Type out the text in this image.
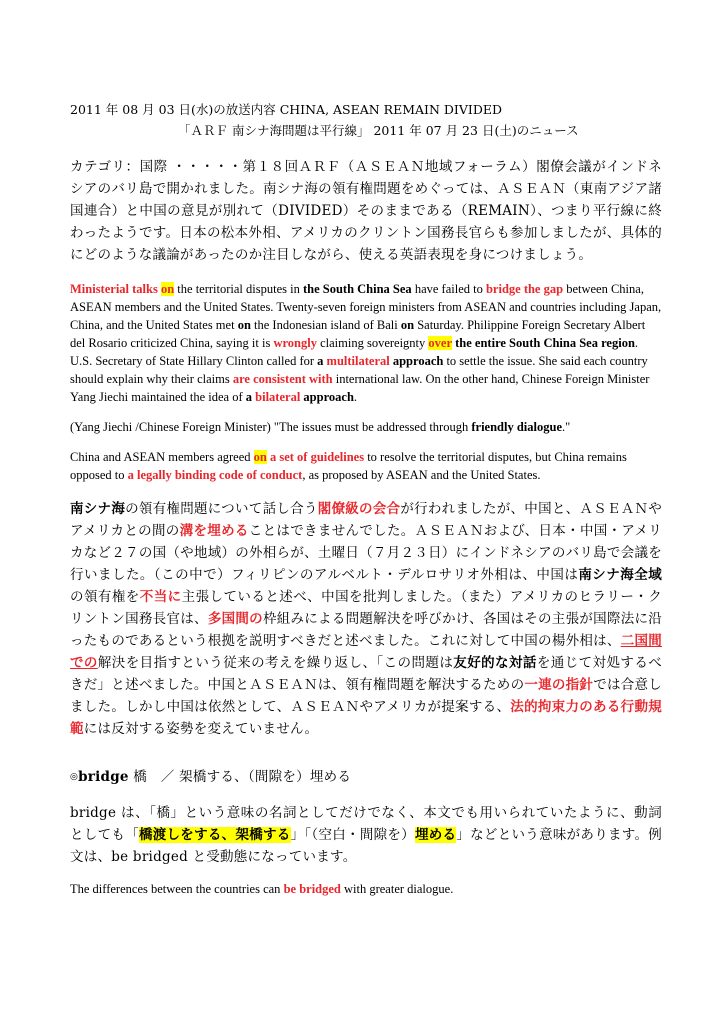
2011 年 08 月 03 日(水)の放送内容 CHINA, ASEAN REMAIN DIVIDED

「ＡＲＦ 南シナ海問題は平行線」 2011 年 07 月 23 日(土)のニュース

カテゴリ：国際 ・・・・・第１８回ＡＲＦ（ＡＳＥＡＮ地域フォーラム）閣僚会議がインドネシアのバリ島で開かれました。南シナ海の領有権問題をめぐっては、ＡＳＥＡＮ（東南アジア諸国連合）と中国の意見が別れて（DIVIDED）そのままである（REMAIN）、つまり平行線に終わったようです。日本の松本外相、アメリカのクリントン国務長官らも参加しましたが、具体的にどのような議論があったのか注目しながら、使える英語表現を身につけましょう。

Ministerial talks on the territorial disputes in the South China Sea have failed to bridge the gap between China, ASEAN members and the United States. Twenty-seven foreign ministers from ASEAN and countries including Japan, China, and the United States met on the Indonesian island of Bali on Saturday. Philippine Foreign Secretary Albert del Rosario criticized China, saying it is wrongly claiming sovereignty over the entire South China Sea region. U.S. Secretary of State Hillary Clinton called for a multilateral approach to settle the issue. She said each country should explain why their claims are consistent with international law. On the other hand, Chinese Foreign Minister Yang Jiechi maintained the idea of a bilateral approach.

(Yang Jiechi /Chinese Foreign Minister) "The issues must be addressed through friendly dialogue."

China and ASEAN members agreed on a set of guidelines to resolve the territorial disputes, but China remains opposed to a legally binding code of conduct, as proposed by ASEAN and the United States.

南シナ海の領有権問題について話し合う閣僚級の会合が行われましたが、中国と、ＡＳＥＡＮやアメリカとの間の溝を埋めることはできませんでした。ＡＳＥＡＮおよび、日本・中国・アメリカなど２７の国（や地域）の外相らが、土曜日（７月２３日）にインドネシアのバリ島で会議を行いました。（この中で）フィリピンのアルベルト・デルロサリオ外相は、中国は南シナ海全域の領有権を不当に主張していると述べ、中国を批判しました。（また）アメリカのヒラリー・クリントン国務長官は、多国間の枠組みによる問題解決を呼びかけ、各国はその主張が国際法に沿ったものであるという根拠を説明すべきだと述べました。これに対して中国の楊外相は、二国間での解決を目指すという従来の考えを繰り返し、「この問題は友好的な対話を通じて対処するべきだ」と述べました。中国とＡＳＥＡＮは、領有権問題を解決するための一連の指針では合意しました。しかし中国は依然として、ＡＳＥＡＮやアメリカが提案する、法的拘束力のある行動規範には反対する姿勢を変えていません。

◎bridge 橋　／ 架橋する、（間隙を）埋める

bridge は、「橋」という意味の名詞としてだけでなく、本文でも用いられていたように、動詞としても「橋渡しをする、架橋する」「（空白・間隙を）埋める」などという意味があります。例文は、be bridged と受動態になっています。

The differences between the countries can be bridged with greater dialogue.
